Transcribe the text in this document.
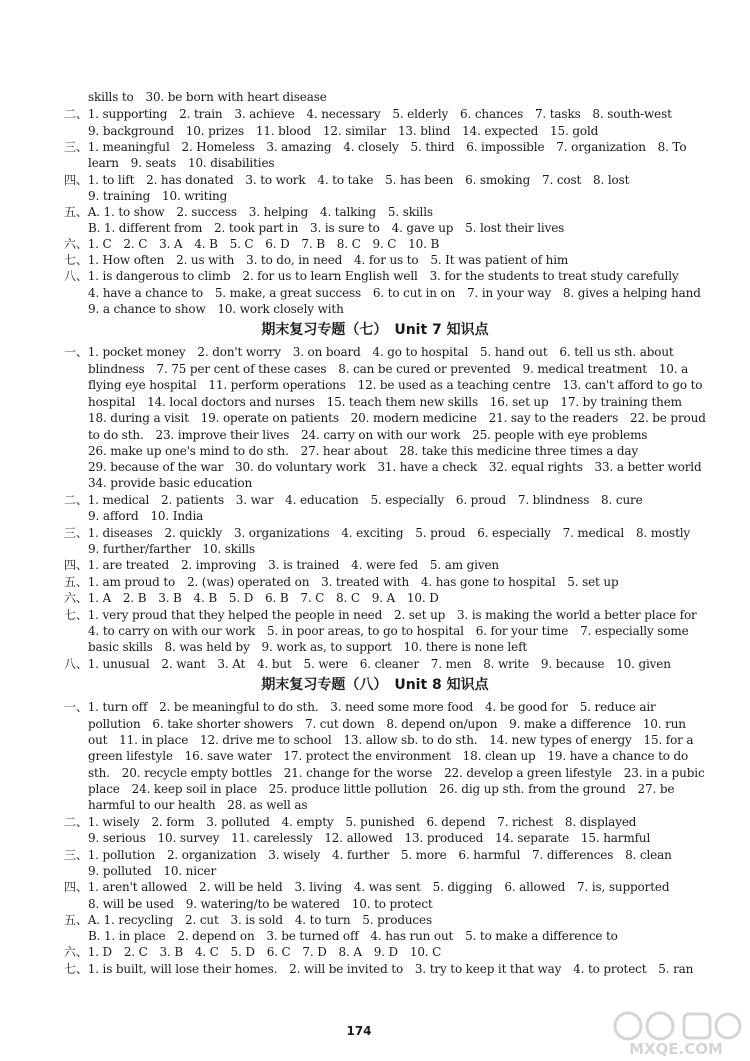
skills to　30. be born with heart disease
二、1. supporting　2. train　3. achieve　4. necessary　5. elderly　6. chances　7. tasks　8. south-west
9. background　10. prizes　11. blood　12. similar　13. blind　14. expected　15. gold
三、1. meaningful　2. Homeless　3. amazing　4. closely　5. third　6. impossible　7. organization　8. To
learn　9. seats　10. disabilities
四、1. to lift　2. has donated　3. to work　4. to take　5. has been　6. smoking　7. cost　8. lost
9. training　10. writing
五、A. 1. to show　2. success　3. helping　4. talking　5. skills
B. 1. different from　2. took part in　3. is sure to　4. gave up　5. lost their lives
六、1. C　2. C　3. A　4. B　5. C　6. D　7. B　8. C　9. C　10. B
七、1. How often　2. us with　3. to do, in need　4. for us to　5. It was patient of him
八、1. is dangerous to climb　2. for us to learn English well　3. for the students to treat study carefully
4. have a chance to　5. make, a great success　6. to cut in on　7. in your way　8. gives a helping hand
9. a chance to show　10. work closely with
期末复习专题（七）　Unit 7 知识点
一、1. pocket money　2. don't worry　3. on board　4. go to hospital　5. hand out　6. tell us sth. about
blindness　7. 75 per cent of these cases　8. can be cured or prevented　9. medical treatment　10. a
flying eye hospital　11. perform operations　12. be used as a teaching centre　13. can't afford to go to
hospital　14. local doctors and nurses　15. teach them new skills　16. set up　17. by training them
18. during a visit　19. operate on patients　20. modern medicine　21. say to the readers　22. be proud
to do sth.　23. improve their lives　24. carry on with our work　25. people with eye problems
26. make up one's mind to do sth.　27. hear about　28. take this medicine three times a day
29. because of the war　30. do voluntary work　31. have a check　32. equal rights　33. a better world
34. provide basic education
二、1. medical　2. patients　3. war　4. education　5. especially　6. proud　7. blindness　8. cure
9. afford　10. India
三、1. diseases　2. quickly　3. organizations　4. exciting　5. proud　6. especially　7. medical　8. mostly
9. further/farther　10. skills
四、1. are treated　2. improving　3. is trained　4. were fed　5. am given
五、1. am proud to　2. (was) operated on　3. treated with　4. has gone to hospital　5. set up
六、1. A　2. B　3. B　4. B　5. D　6. B　7. C　8. C　9. A　10. D
七、1. very proud that they helped the people in need　2. set up　3. is making the world a better place for
4. to carry on with our work　5. in poor areas, to go to hospital　6. for your time　7. especially some
basic skills　8. was held by　9. work as, to support　10. there is none left
八、1. unusual　2. want　3. At　4. but　5. were　6. cleaner　7. men　8. write　9. because　10. given
期末复习专题（八）　Unit 8 知识点
一、1. turn off　2. be meaningful to do sth.　3. need some more food　4. be good for　5. reduce air
pollution　6. take shorter showers　7. cut down　8. depend on/upon　9. make a difference　10. run
out　11. in place　12. drive me to school　13. allow sb. to do sth.　14. new types of energy　15. for a
green lifestyle　16. save water　17. protect the environment　18. clean up　19. have a chance to do
sth.　20. recycle empty bottles　21. change for the worse　22. develop a green lifestyle　23. in a pubic
place　24. keep soil in place　25. produce little pollution　26. dig up sth. from the ground　27. be
harmful to our health　28. as well as
二、1. wisely　2. form　3. polluted　4. empty　5. punished　6. depend　7. richest　8. displayed
9. serious　10. survey　11. carelessly　12. allowed　13. produced　14. separate　15. harmful
三、1. pollution　2. organization　3. wisely　4. further　5. more　6. harmful　7. differences　8. clean
9. polluted　10. nicer
四、1. aren't allowed　2. will be held　3. living　4. was sent　5. digging　6. allowed　7. is, supported
8. will be used　9. watering/to be watered　10. to protect
五、A. 1. recycling　2. cut　3. is sold　4. to turn　5. produces
B. 1. in place　2. depend on　3. be turned off　4. has run out　5. to make a difference to
六、1. D　2. C　3. B　4. C　5. D　6. C　7. D　8. A　9. D　10. C
七、1. is built, will lose their homes.　2. will be invited to　3. try to keep it that way　4. to protect　5. ran
174
MXQE.COM
